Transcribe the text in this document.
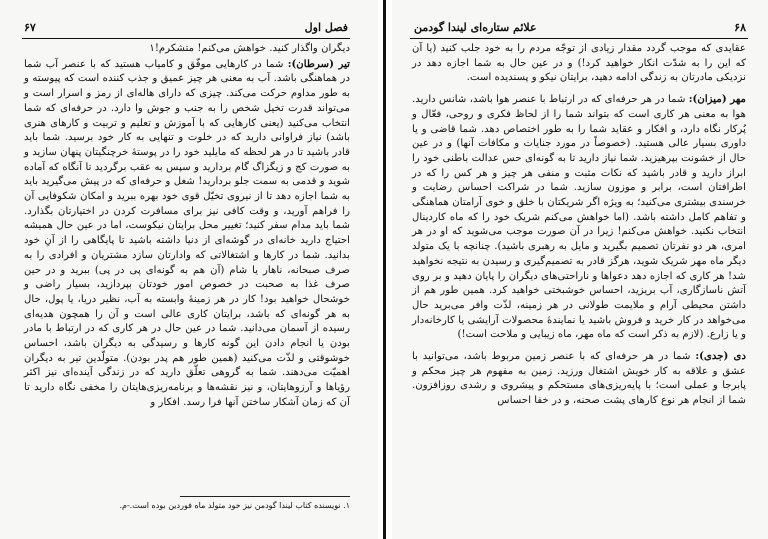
فصل اول
۶۷

دیگران واگذار کنید. خواهش می‌کنم! متشکرم!۱

تیر (سرطان): شما در کارهایی موفّق و کامیاب هستید که با عنصر آب شما در هماهنگی باشد. آب به معنی هر چیز عمیق و جذب کننده است که پیوسته و به طور مداوم حرکت می‌کند. چیزی که دارای هاله‌ای از رمز و اسرار است و می‌تواند قدرت تخیل شخص را به جنب و جوش وا دارد. در حرفه‌ای که شما انتخاب می‌کنید (یعنی کارهایی که با آموزش و تعلیم و تربیت و کارهای هنری باشد) نیاز فراوانی دارید که در خلوت و تنهایی به کار خود برسید. شما باید قادر باشید تا در هر لحظه که مایلید خود را در پوستهٔ خرچنگیتان پنهان سازید و به صورت کج و زیگزاگ گام بردارید و سپس به عقب برگردید تا آنگاه که آماده شوید و قدمی به سمت جلو بردارید! شغل و حرفه‌ای که در پیش می‌گیرید باید به شما اجازه دهد تا از نیروی تخیّل قوی خود بهره ببرید و امکان شکوفایی آن را فراهم آورید، و وقت کافی نیز برای مسافرت کردن در اختیارتان بگذارد. شما باید مدام سفر کنید؛ تغییر محل برایتان نیکوست، اما در عین حال همیشه احتیاج دارید خانه‌ای در گوشه‌ای از دنیا داشته باشید تا پایگاهی را از آنِ خود بدانید. شما در کارها و اشتغالاتی که وادارتان سازد مشتریان و افرادی را به صرف صبحانه، ناهار یا شام (آن هم به گونه‌ای پی در پی) ببرید و در حین صرف غذا به صحبت در خصوص امور خودتان بپردازید، بسیار راضی و خوشحال خواهید بود! کار در هر زمینهٔ وابسته به آب، نظیر دریا، یا پول، حال به هر گونه‌ای که باشد، برایتان کاری عالی است و آن را همچون هدیه‌ای رسیده از آسمان می‌دانید. شما در عین حال در هر کاری که در ارتباط با مادر بودن یا انجام دادن این گونه کارها و رسیدگی به دیگران باشد، احساس خوشوقتی و لذّت می‌کنید (همین طور هم پدر بودن). متولّدین تیر به دیگران اهمیّت می‌دهند. شما به گروهی تعلّق دارید که در زندگی آینده‌ای نیز اکثر رؤیاها و آرزوهایتان، و نیز نقشه‌ها و برنامه‌ریزی‌هایتان را مخفی نگاه دارید تا آن که زمان آشکار ساختن آنها فرا رسد. افکار و

۱. نویسنده کتاب لیندا گودمن نیز خود متولد ماه فوردین بوده است.-م.
۶۸
علائم ستاره‌ای لیندا گودمن

عقایدی که موجب گردد مقدار زیادی از توجّه مردم را به خود جلب کنید (یا آن که این را به شدّت انکار خواهید کرد!) و در عین حال به شما اجازه دهد در نزدیکی مادرتان به زندگی ادامه دهید، برایتان نیکو و پسندیده است.

مهر (میزان): شما در هر حرفه‌ای که در ارتباط با عنصر هوا باشد، شانس دارید. هوا به معنی هر کاری است که بتواند شما را از لحاظ فکری و روحی، فعّال و پُرکار نگاه دارد، و افکار و عقاید شما را به طور اختصاص دهد. شما قاضی و یا داوری بسیار عالی هستید. (خصوصاً در مورد جنایات و مکافات آنها) و در عین حال از خشونت بپرهیزید. شما نیاز دارید تا به گونه‌ای حس عدالت باطنی خود را ابراز دارید و قادر باشید که نکات مثبت و منفی هر چیز و هر کس را که در اطرافتان است، برابر و موزون سازید. شما در شراکت احساس رضایت و خرسندی بیشتری می‌کنید؛ به ویژه اگر شریکتان با خلق و خوی آرامتان هماهنگی و تفاهم کامل داشته باشد. (اما خواهش می‌کنم شریک خود را که ماه کاردینال انتخاب نکنید. خواهش می‌کنم! زیرا در آن صورت موجب می‌شوید که او در هر امری، هر دو نفرتان تصمیم بگیرید و مایل به رهبری باشید). چنانچه با یک متولد دیگر ماه مهر شریک شوید، هرگز قادر به تصمیم‌گیری و رسیدن به نتیجه نخواهید شد! هر کاری که اجازه دهد دعواها و ناراحتی‌های دیگران را پایان دهید و بر روی آتش ناسازگاری، آب بریزید، احساس خوشبختی خواهید کرد. همین طور هم از داشتن محیطی آرام و ملایمت طولانی در هر زمینه، لذّت وافر می‌برید حال می‌خواهد در کار خرید و فروش باشید یا نمایندهٔ محصولات آرایشی یا کارخانه‌دار و یا زارع. (لازم به ذکر است که ماه مهر، ماه زیبایی و ملاحت است!)

دی (جدی): شما در هر حرفه‌ای که با عنصر زمین مربوط باشد، می‌توانید با عشق و علاقه به کار خویش اشتغال ورزید. زمین به مفهوم هر چیز محکم و پابرجا و عملی است؛ با پایه‌ریزی‌های مستحکم و پیشروی و رشدی روزافزون. شما از انجام هر نوع کارهای پشت صحنه، و در خفا احساس
